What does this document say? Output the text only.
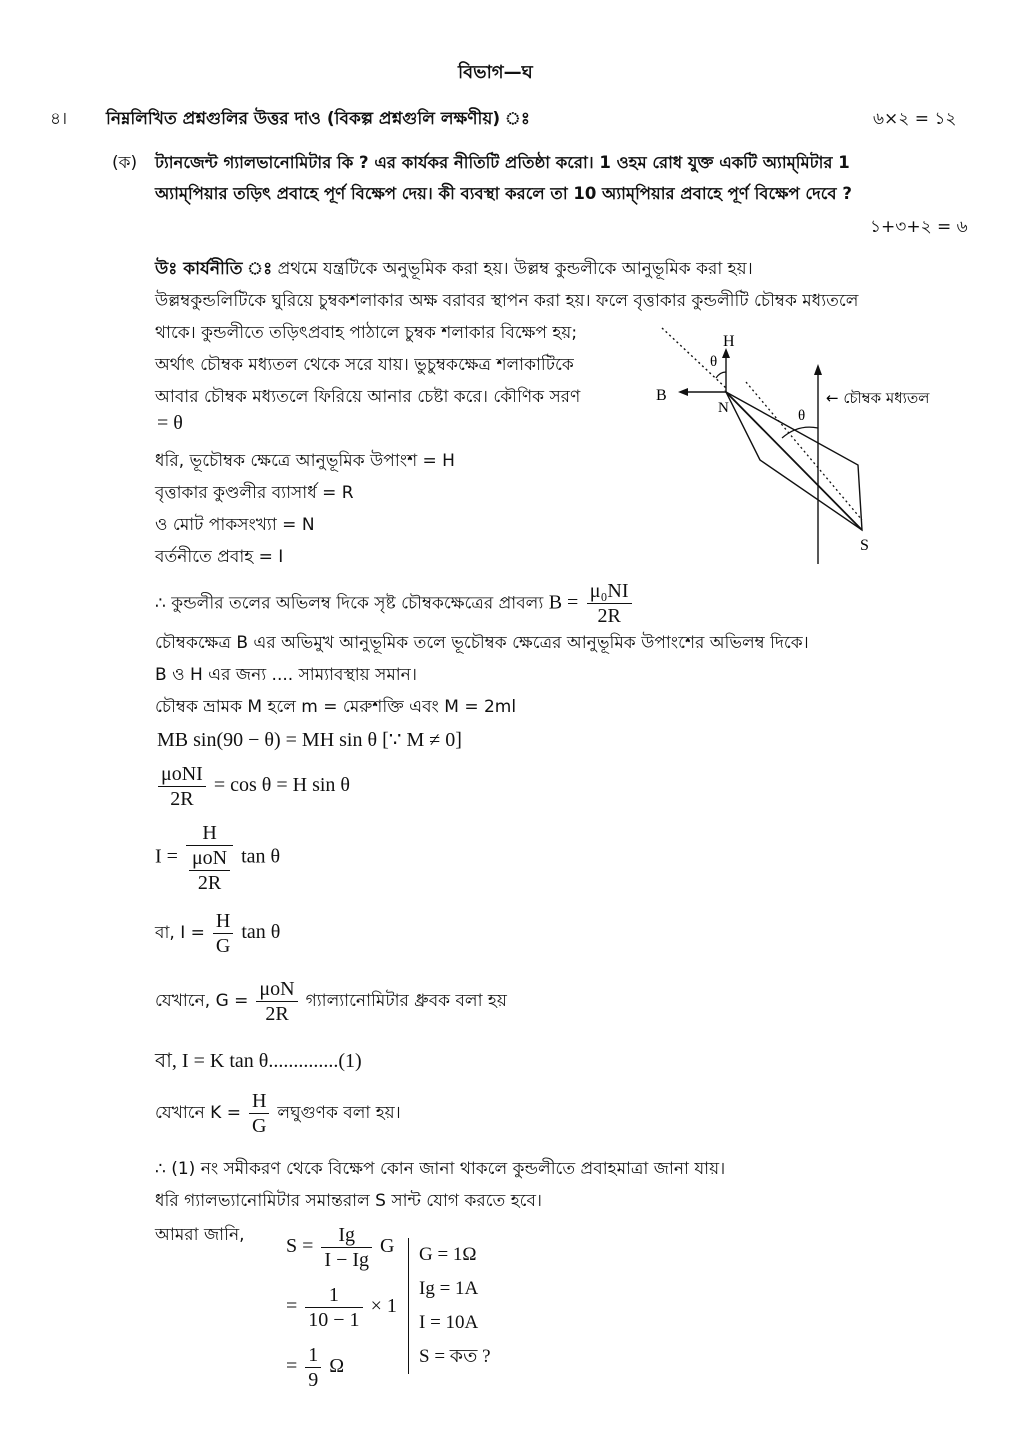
বিভাগ—ঘ
৪। নিম্নলিখিত প্রশ্নগুলির উত্তর দাও (বিকল্প প্রশ্নগুলি লক্ষণীয়) ঃ	৬×২ = ১২
(ক) ট্যানজেন্ট গ্যালভানোমিটার কি ? এর কার্যকর নীতিটি প্রতিষ্ঠা করো। 1 ওহম রোধ যুক্ত একটি অ্যাম্‌মিটার 1
অ্যাম্‌পিয়ার তড়িৎ প্রবাহে পূর্ণ বিক্ষেপ দেয়। কী ব্যবস্থা করলে তা 10 অ্যাম্‌পিয়ার প্রবাহে পূর্ণ বিক্ষেপ দেবে ?
১+৩+২ = ৬
উঃ কার্যনীতি ঃ প্রথমে যন্ত্রটিকে অনুভূমিক করা হয়। উল্লম্ব কুন্ডলীকে আনুভূমিক করা হয়।
উল্লম্বকুন্ডলিটিকে ঘুরিয়ে চুম্বকশলাকার অক্ষ বরাবর স্থাপন করা হয়। ফলে বৃত্তাকার কুন্ডলীটি চৌম্বক মধ্যতলে
থাকে। কুন্ডলীতে তড়িৎপ্রবাহ পাঠালে চুম্বক শলাকার বিক্ষেপ হয়;
অর্থাৎ চৌম্বক মধ্যতল থেকে সরে যায়। ভুচুম্বকক্ষেত্র শলাকাটিকে
আবার চৌম্বক মধ্যতলে ফিরিয়ে আনার চেষ্টা করে। কৌণিক সরণ
= θ
ধরি, ভূচৌম্বক ক্ষেত্রে আনুভূমিক উপাংশ = H
বৃত্তাকার কুণ্ডলীর ব্যাসার্ধ = R
ও মোট পাকসংখ্যা = N
বর্তনীতে প্রবাহ = I
H
θ
B
N	θ
S
← চৌম্বক মধ্যতল
∴ কুন্ডলীর তলের অভিলম্ব দিকে সৃষ্ট চৌম্বকক্ষেত্রের প্রাবল্য $B = \frac{\text{μ₀NI}}{2R}$
চৌম্বকক্ষেত্র B এর অভিমুখ আনুভূমিক তলে ভূচৌম্বক ক্ষেত্রের আনুভূমিক উপাংশের অভিলম্ব দিকে।
B ও H এর জন্য .... সাম্যাবস্থায় সমান।
চৌম্বক ভ্রামক M হলে m = মেরুশক্তি এবং M = 2ml
MB sin(90 − θ) = MH sin θ [∵ M ≠ 0]
$\frac{\text{μoNI}}{2R} = \cos \theta = H$ sin θ
$I = \frac{H}{\frac{\text{μoN}}{2R}}$ tan θ
বা, $I = \frac{H}{G}$ tan θ
যেখানে, $G = \frac{\text{μoN}}{2R}$ গ্যাল্যানোমিটার ধ্রুবক বলা হয়
বা, I = K tan θ..............(1)
যেখানে $K = \frac{H}{G}$ লঘুগুণক বলা হয়।
∴ (1) নং সমীকরণ থেকে বিক্ষেপ কোন জানা থাকলে কুন্ডলীতে প্রবাহমাত্রা জানা যায়।
ধরি গ্যালভ্যানোমিটার সমান্তরাল S সান্ট যোগ করতে হবে।
আমরা জানি,
$S = \frac{Ig}{I - Ig}$ G
= $\frac{1}{10 - 1} \times 1$
= $\frac{1}{9}$ Ω
G = 1Ω
Ig = 1A
I = 10A
S = কত ?
